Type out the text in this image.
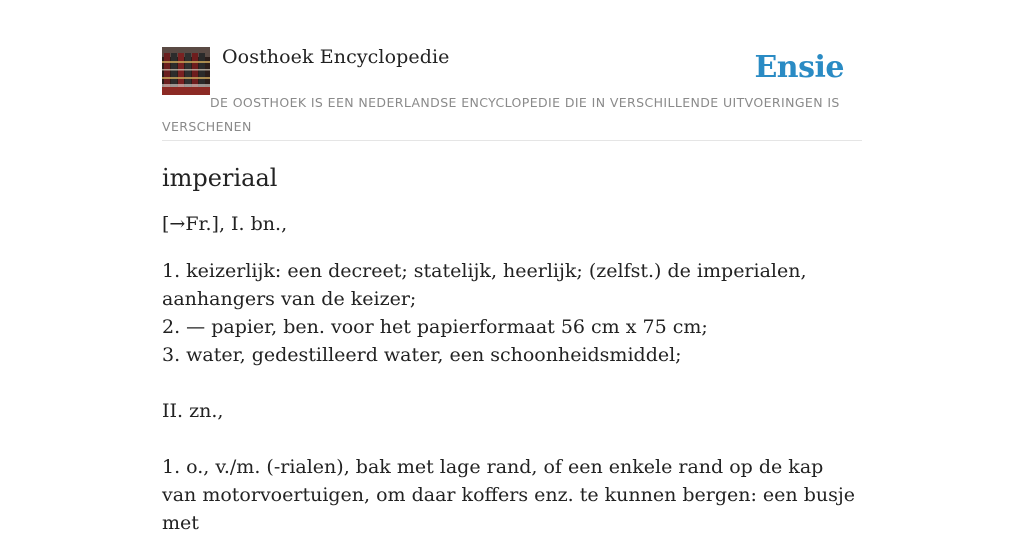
Oosthoek Encyclopedie	Ensie
DE OOSTHOEK IS EEN NEDERLANDSE ENCYCLOPEDIE DIE IN VERSCHILLENDE UITVOERINGEN IS VERSCHENEN
imperiaal

[→Fr.], I. bn.,

1. keizerlijk: een decreet; statelijk, heerlijk; (zelfst.) de imperialen, aanhangers van de keizer;

2. — papier, ben. voor het papierformaat 56 cm x 75 cm;

3. water, gedestilleerd water, een schoonheidsmiddel;

II. zn.,

1. o., v./m. (-rialen), bak met lage rand, of een enkele rand op de kap van motorvoertuigen, om daar koffers enz. te kunnen bergen: een busje met
